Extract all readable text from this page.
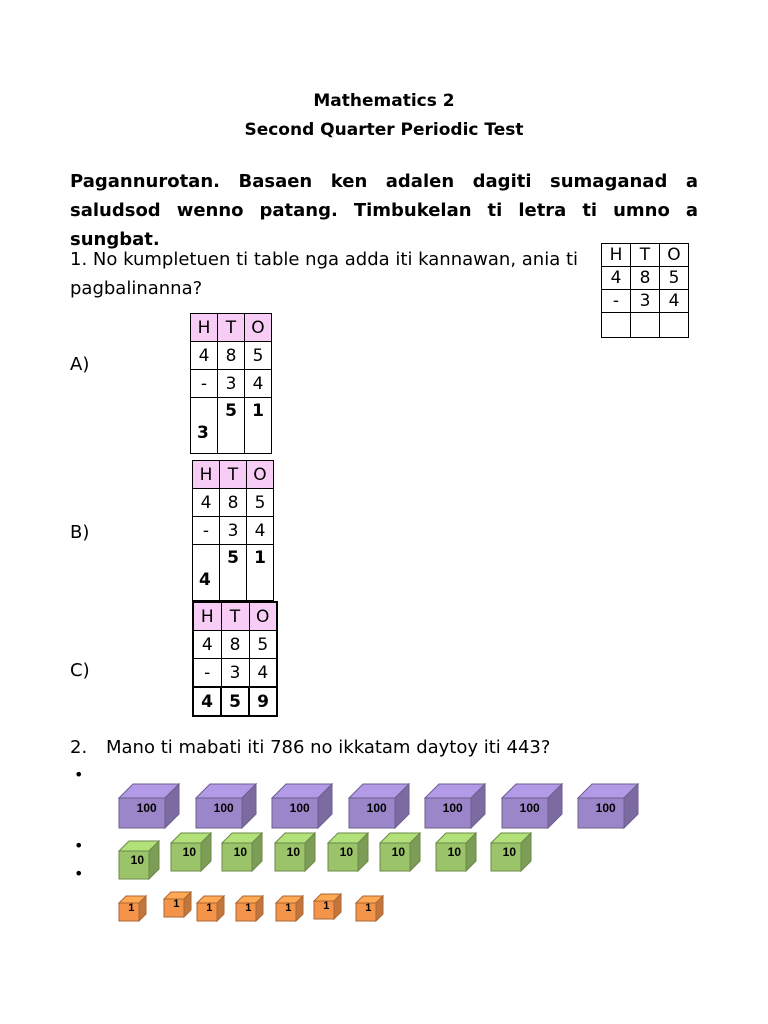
Mathematics 2
Second Quarter Periodic Test
Pagannurotan. Basaen ken adalen dagiti sumaganad a saludsod wenno patang. Timbukelan ti letra ti umno a sungbat.
1. No kumpletuen ti table nga adda iti kannawan, ania ti pagbalinanna?
H	T	O
4	8	5
-	3	4

A)
H	T	O
4	8	5
-	3	4

3	5	1
B)
H	T	O
4	8	5
-	3	4

4	5	1
C)
H	T	O
4	8	5
-	3	4
4	5	9
2. Mano ti mabati iti 786 no ikkatam daytoy iti 443?
•
•
•
100	100	100	100	100	100	100
10
10	10	10	10	10	10	10
1	1 1	1	1	1	1
